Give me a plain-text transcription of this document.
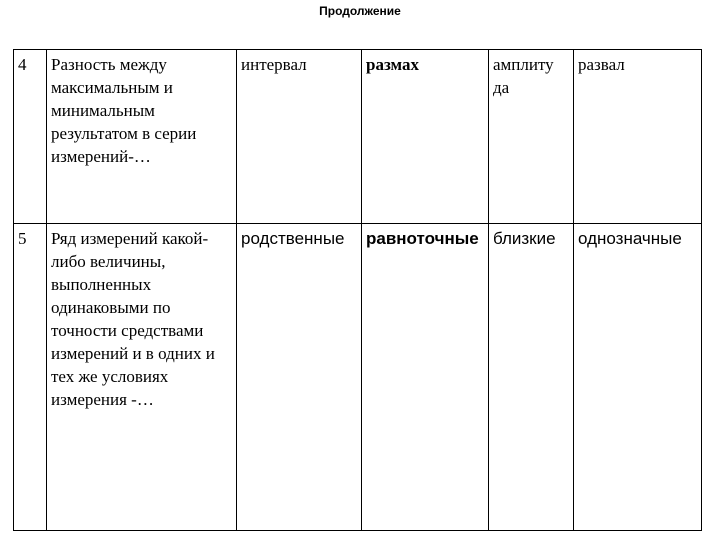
Продолжение
4	Разность между максимальным и минимальным результатом в серии измерений-…	интервал	размах	амплиту да	развал
5	Ряд измерений какой-либо величины, выполненных одинаковыми по точности средствами измерений и в одних и тех же условиях измерения -…	родственные	равноточные	близкие	однозначные
